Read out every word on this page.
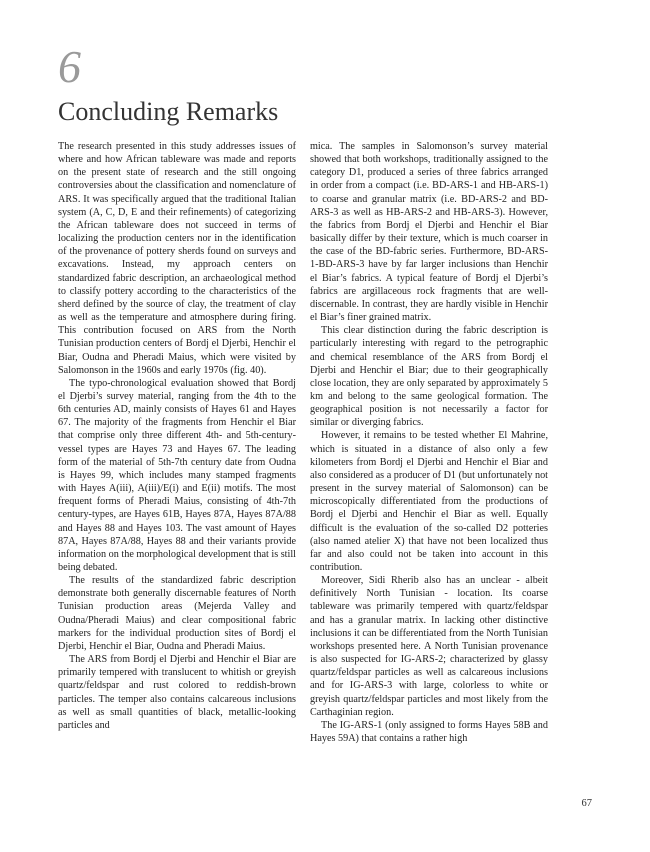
6
Concluding Remarks

The research presented in this study addresses issues of where and how African tableware was made and reports on the present state of research and the still ongoing controversies about the classification and nomenclature of ARS. It was specifically argued that the traditional Italian system (A, C, D, E and their refinements) of categorizing the African tableware does not succeed in terms of localizing the production centers nor in the identification of the provenance of pottery sherds found on surveys and excavations. Instead, my approach centers on standardized fabric description, an archaeological method to classify pottery according to the characteristics of the sherd defined by the source of clay, the treatment of clay as well as the temperature and atmosphere during firing. This contribution focused on ARS from the North Tunisian production centers of Bordj el Djerbi, Henchir el Biar, Oudna and Pheradi Maius, which were visited by Salomonson in the 1960s and early 1970s (fig. 40).

The typo-chronological evaluation showed that Bordj el Djerbi’s survey material, ranging from the 4th to the 6th centuries AD, mainly consists of Hayes 61 and Hayes 67. The majority of the fragments from Henchir el Biar that comprise only three different 4th- and 5th-century-vessel types are Hayes 73 and Hayes 67. The leading form of the material of 5th-7th century date from Oudna is Hayes 99, which includes many stamped fragments with Hayes A(iii), A(iii)/E(i) and E(ii) motifs. The most frequent forms of Pheradi Maius, consisting of 4th-7th century-types, are Hayes 61B, Hayes 87A, Hayes 87A/88 and Hayes 88 and Hayes 103. The vast amount of Hayes 87A, Hayes 87A/88, Hayes 88 and their variants provide information on the morphological development that is still being debated.

The results of the standardized fabric description demonstrate both generally discernable features of North Tunisian production areas (Mejerda Valley and Oudna/Pheradi Maius) and clear compositional fabric markers for the individual production sites of Bordj el Djerbi, Henchir el Biar, Oudna and Pheradi Maius.

The ARS from Bordj el Djerbi and Henchir el Biar are primarily tempered with translucent to whitish or greyish quartz/feldspar and rust colored to reddish-brown particles. The temper also contains calcareous inclusions as well as small quantities of black, metallic-looking particles and

mica. The samples in Salomonson’s survey material showed that both workshops, traditionally assigned to the category D1, produced a series of three fabrics arranged in order from a compact (i.e. BD-ARS-1 and HB-ARS-1) to coarse and granular matrix (i.e. BD-ARS-2 and BD-ARS-3 as well as HB-ARS-2 and HB-ARS-3). However, the fabrics from Bordj el Djerbi and Henchir el Biar basically differ by their texture, which is much coarser in the case of the BD-fabric series. Furthermore, BD-ARS-1-BD-ARS-3 have by far larger inclusions than Henchir el Biar’s fabrics. A typical feature of Bordj el Djerbi’s fabrics are argillaceous rock fragments that are well-discernable. In contrast, they are hardly visible in Henchir el Biar’s finer grained matrix.

This clear distinction during the fabric description is particularly interesting with regard to the petrographic and chemical resemblance of the ARS from Bordj el Djerbi and Henchir el Biar; due to their geographically close location, they are only separated by approximately 5 km and belong to the same geological formation. The geographical position is not necessarily a factor for similar or diverging fabrics.

However, it remains to be tested whether El Mahrine, which is situated in a distance of also only a few kilometers from Bordj el Djerbi and Henchir el Biar and also considered as a producer of D1 (but unfortunately not present in the survey material of Salomonson) can be microscopically differentiated from the productions of Bordj el Djerbi and Henchir el Biar as well. Equally difficult is the evaluation of the so-called D2 potteries (also named atelier X) that have not been localized thus far and also could not be taken into account in this contribution.

Moreover, Sidi Rherib also has an unclear - albeit definitively North Tunisian - location. Its coarse tableware was primarily tempered with quartz/feldspar and has a granular matrix. In lacking other distinctive inclusions it can be differentiated from the North Tunisian workshops presented here. A North Tunisian provenance is also suspected for IG-ARS-2; characterized by glassy quartz/feldspar particles as well as calcareous inclusions and for IG-ARS-3 with large, colorless to white or greyish quartz/feldspar particles and most likely from the Carthaginian region.

The IG-ARS-1 (only assigned to forms Hayes 58B and Hayes 59A) that contains a rather high

67
